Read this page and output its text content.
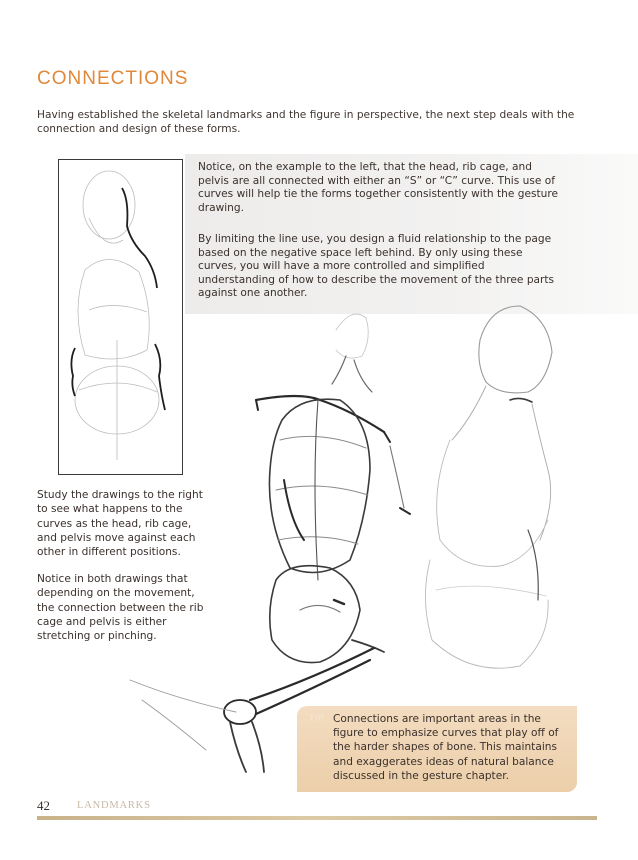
CONNECTIONS

Having established the skeletal landmarks and the figure in perspective, the next step deals with the connection and design of these forms.

Notice, on the example to the left, that the head, rib cage, and pelvis are all connected with either an “S” or “C” curve. This use of curves will help tie the forms together consistently with the gesture drawing.

By limiting the line use, you design a fluid relationship to the page based on the negative space left behind. By only using these curves, you will have a more controlled and simplified understanding of how to describe the movement of the three parts against one another.

Study the drawings to the right to see what happens to the curves as the head, rib cage, and pelvis move against each other in different positions.

Notice in both drawings that depending on the movement, the connection between the rib cage and pelvis is either stretching or pinching.

TIP Connections are important areas in the figure to emphasize curves that play off of the harder shapes of bone. This maintains and exaggerates ideas of natural balance discussed in the gesture chapter.

42	LANDMARKS
